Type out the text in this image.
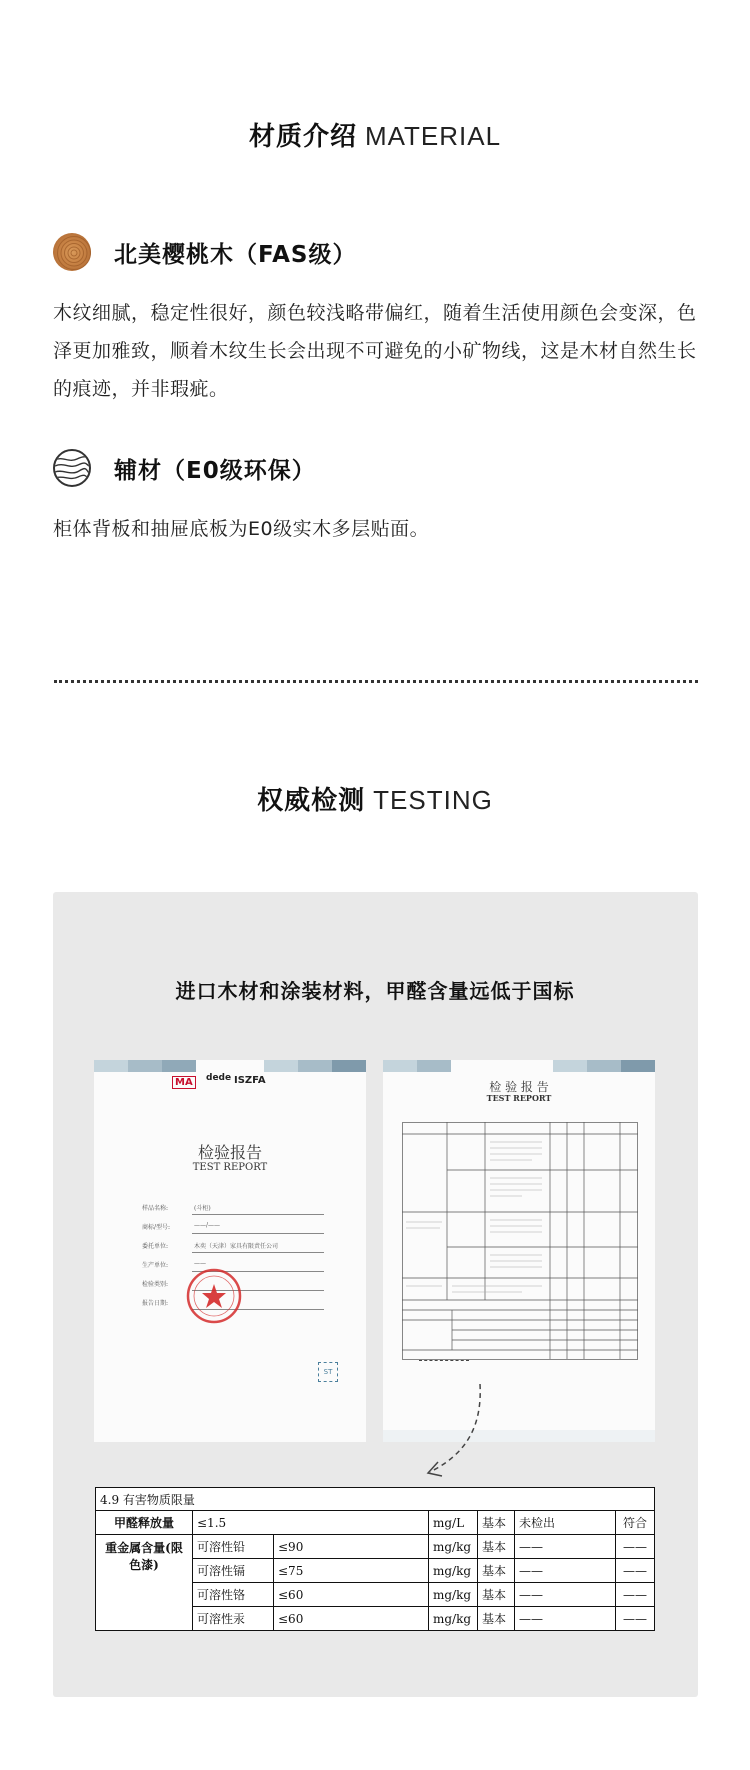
材质介绍 MATERIAL
北美樱桃木（FAS级）
木纹细腻，稳定性很好，颜色较浅略带偏红，随着生活使用颜色会变深，色泽更加雅致，顺着木纹生长会出现不可避免的小矿物线，这是木材自然生长的痕迹，并非瑕疵。
辅材（E0级环保）
柜体背板和抽屉底板为E0级实木多层贴面。
权威检测 TESTING
进口木材和涂装材料，甲醛含量远低于国标
MA	dede ISZFA
检验报告
TEST REPORT
样品名称:	(斗柜)
商标/型号:	——/——
委托单位:	木奕（天津）家具有限责任公司
生产单位:	——
检验类别:
报告日期:
ST
检 验 报 告
TEST REPORT
4.9 有害物质限量						
甲醛释放量	≤1.5		mg/L	基本	未检出	符合
重金属含量(限色漆)	可溶性铅	≤90	mg/kg	基本	——	——
	可溶性镉	≤75	mg/kg	基本	——	——
	可溶性铬	≤60	mg/kg	基本	——	——
	可溶性汞	≤60	mg/kg	基本	——	——
